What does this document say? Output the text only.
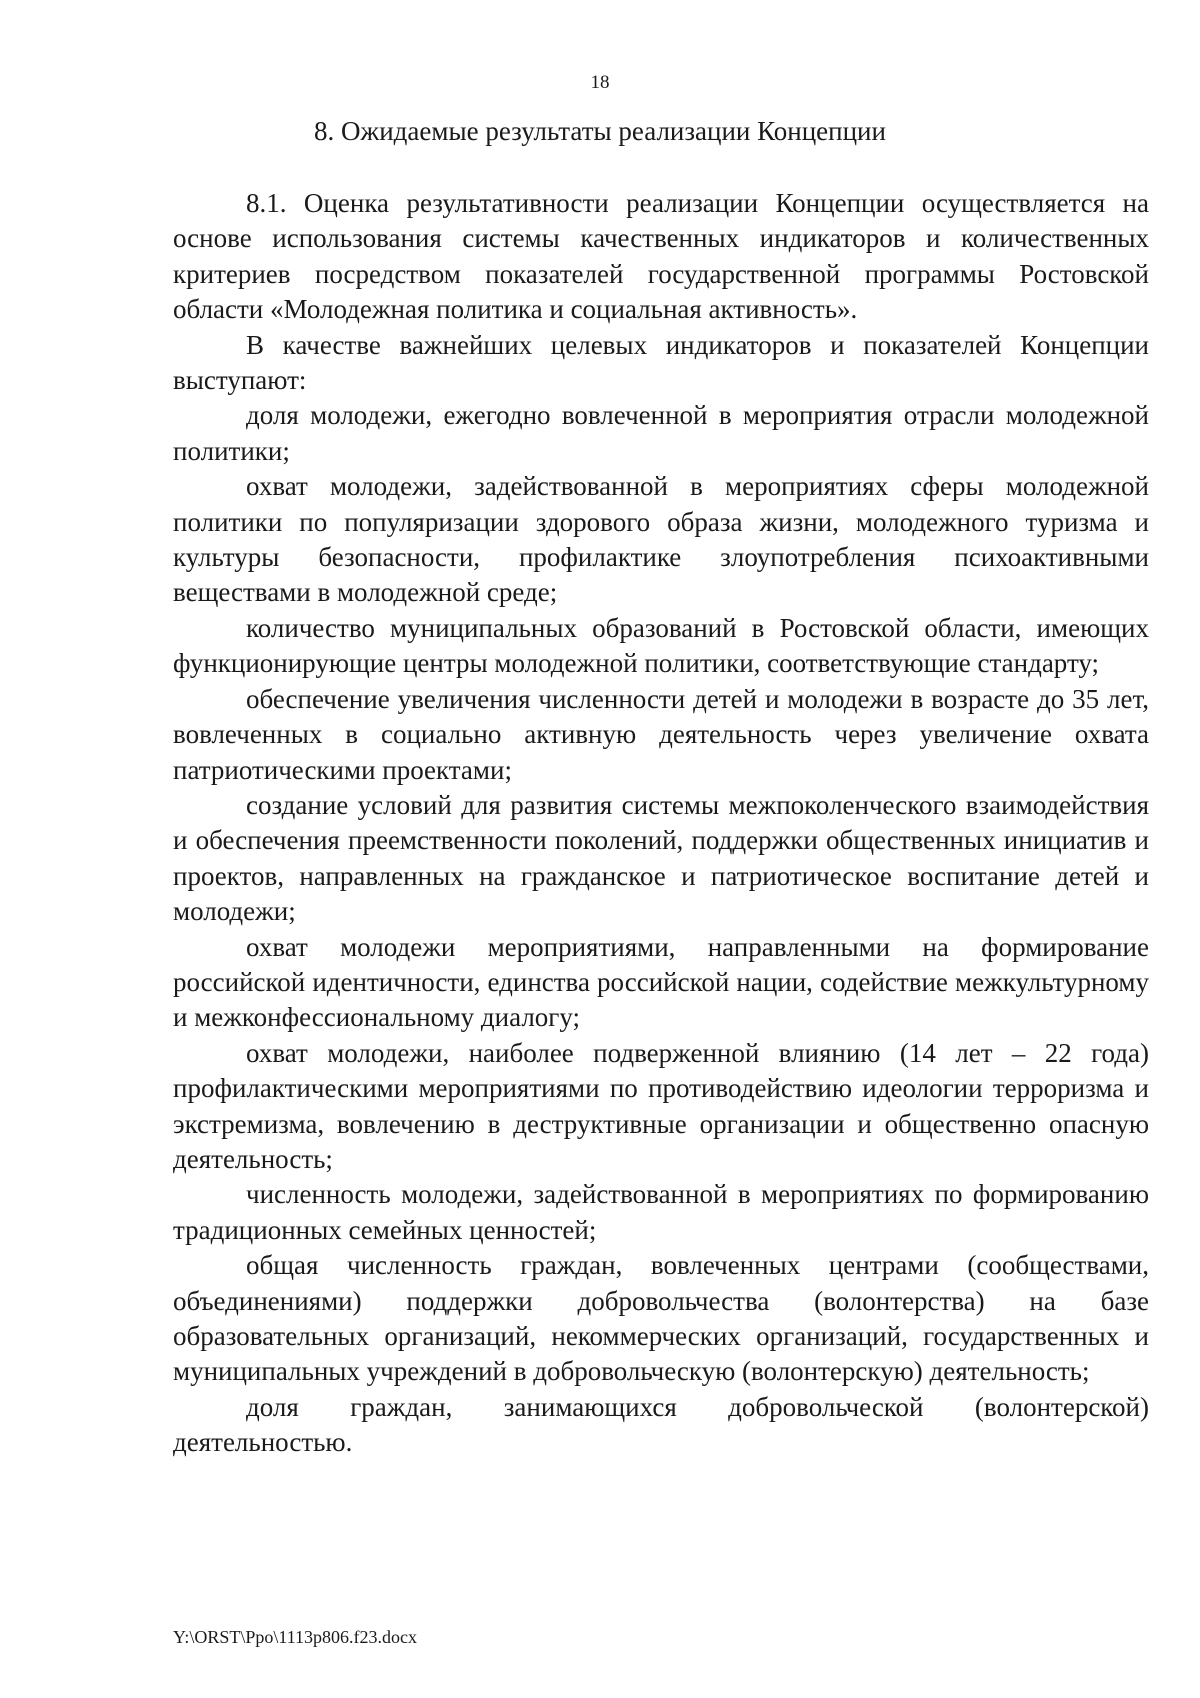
18
8. Ожидаемые результаты реализации Концепции

8.1. Оценка результативности реализации Концепции осуществляется на основе использования системы качественных индикаторов и количественных критериев посредством показателей государственной программы Ростовской области «Молодежная политика и социальная активность».

В качестве важнейших целевых индикаторов и показателей Концепции выступают:

доля молодежи, ежегодно вовлеченной в мероприятия отрасли молодежной политики;

охват молодежи, задействованной в мероприятиях сферы молодежной политики по популяризации здорового образа жизни, молодежного туризма и культуры безопасности, профилактике злоупотребления психоактивными веществами в молодежной среде;

количество муниципальных образований в Ростовской области, имеющих функционирующие центры молодежной политики, соответствующие стандарту;

обеспечение увеличения численности детей и молодежи в возрасте до 35 лет, вовлеченных в социально активную деятельность через увеличение охвата патриотическими проектами;

создание условий для развития системы межпоколенческого взаимодействия и обеспечения преемственности поколений, поддержки общественных инициатив и проектов, направленных на гражданское и патриотическое воспитание детей и молодежи;

охват молодежи мероприятиями, направленными на формирование российской идентичности, единства российской нации, содействие межкультурному и межконфессиональному диалогу;

охват молодежи, наиболее подверженной влиянию (14 лет – 22 года) профилактическими мероприятиями по противодействию идеологии терроризма и экстремизма, вовлечению в деструктивные организации и общественно опасную деятельность;

численность молодежи, задействованной в мероприятиях по формированию традиционных семейных ценностей;

общая численность граждан, вовлеченных центрами (сообществами, объединениями) поддержки добровольчества (волонтерства) на базе образовательных организаций, некоммерческих организаций, государственных и муниципальных учреждений в добровольческую (волонтерскую) деятельность;

доля граждан, занимающихся добровольческой (волонтерской) деятельностью.

Y:\ORST\Ppo\1113p806.f23.docx
